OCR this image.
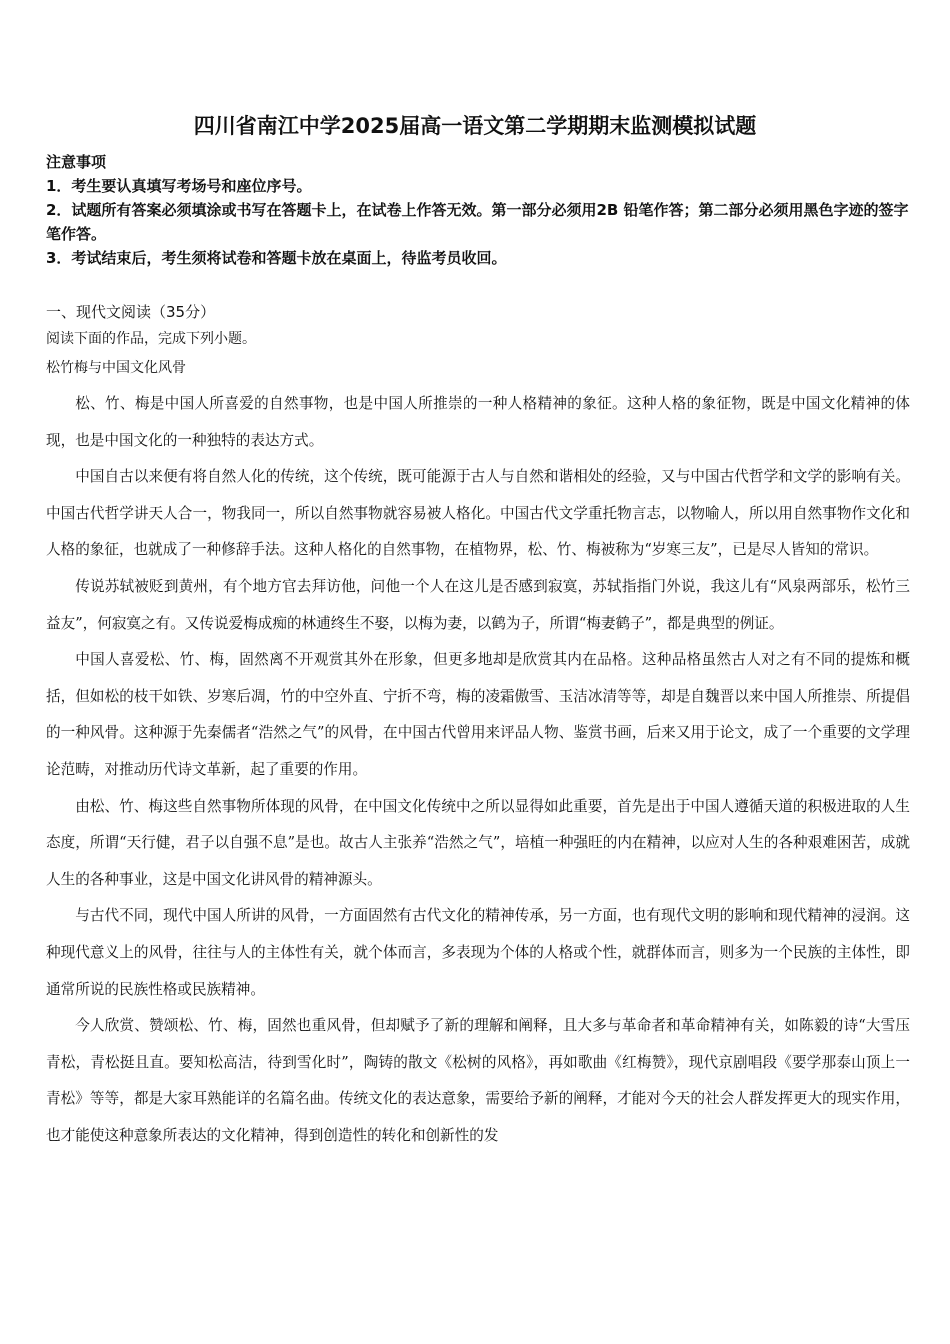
四川省南江中学2025届高一语文第二学期期末监测模拟试题
注意事项
1．考生要认真填写考场号和座位序号。
2．试题所有答案必须填涂或书写在答题卡上，在试卷上作答无效。第一部分必须用2B 铅笔作答；第二部分必须用黑色字迹的签字笔作答。
3．考试结束后，考生须将试卷和答题卡放在桌面上，待监考员收回。
一、现代文阅读（35分）
阅读下面的作品，完成下列小题。
松竹梅与中国文化风骨

松、竹、梅是中国人所喜爱的自然事物，也是中国人所推崇的一种人格精神的象征。这种人格的象征物，既是中国文化精神的体现，也是中国文化的一种独特的表达方式。

中国自古以来便有将自然人化的传统，这个传统，既可能源于古人与自然和谐相处的经验，又与中国古代哲学和文学的影响有关。中国古代哲学讲天人合一，物我同一，所以自然事物就容易被人格化。中国古代文学重托物言志，以物喻人，所以用自然事物作文化和人格的象征，也就成了一种修辞手法。这种人格化的自然事物，在植物界，松、竹、梅被称为“岁寒三友”，已是尽人皆知的常识。

传说苏轼被贬到黄州，有个地方官去拜访他，问他一个人在这儿是否感到寂寞，苏轼指指门外说，我这儿有“风泉两部乐，松竹三益友”，何寂寞之有。又传说爱梅成痴的林逋终生不娶，以梅为妻，以鹤为子，所谓“梅妻鹤子”，都是典型的例证。

中国人喜爱松、竹、梅，固然离不开观赏其外在形象，但更多地却是欣赏其内在品格。这种品格虽然古人对之有不同的提炼和概括，但如松的枝干如铁、岁寒后凋，竹的中空外直、宁折不弯，梅的凌霜傲雪、玉洁冰清等等，却是自魏晋以来中国人所推崇、所提倡的一种风骨。这种源于先秦儒者“浩然之气”的风骨，在中国古代曾用来评品人物、鉴赏书画，后来又用于论文，成了一个重要的文学理论范畴，对推动历代诗文革新，起了重要的作用。

由松、竹、梅这些自然事物所体现的风骨，在中国文化传统中之所以显得如此重要，首先是出于中国人遵循天道的积极进取的人生态度，所谓“天行健，君子以自强不息”是也。故古人主张养“浩然之气”，培植一种强旺的内在精神，以应对人生的各种艰难困苦，成就人生的各种事业，这是中国文化讲风骨的精神源头。

与古代不同，现代中国人所讲的风骨，一方面固然有古代文化的精神传承，另一方面，也有现代文明的影响和现代精神的浸润。这种现代意义上的风骨，往往与人的主体性有关，就个体而言，多表现为个体的人格或个性，就群体而言，则多为一个民族的主体性，即通常所说的民族性格或民族精神。

今人欣赏、赞颂松、竹、梅，固然也重风骨，但却赋予了新的理解和阐释，且大多与革命者和革命精神有关，如陈毅的诗“大雪压青松，青松挺且直。要知松高洁，待到雪化时”，陶铸的散文《松树的风格》，再如歌曲《红梅赞》，现代京剧唱段《要学那泰山顶上一青松》等等，都是大家耳熟能详的名篇名曲。传统文化的表达意象，需要给予新的阐释，才能对今天的社会人群发挥更大的现实作用，也才能使这种意象所表达的文化精神，得到创造性的转化和创新性的发
